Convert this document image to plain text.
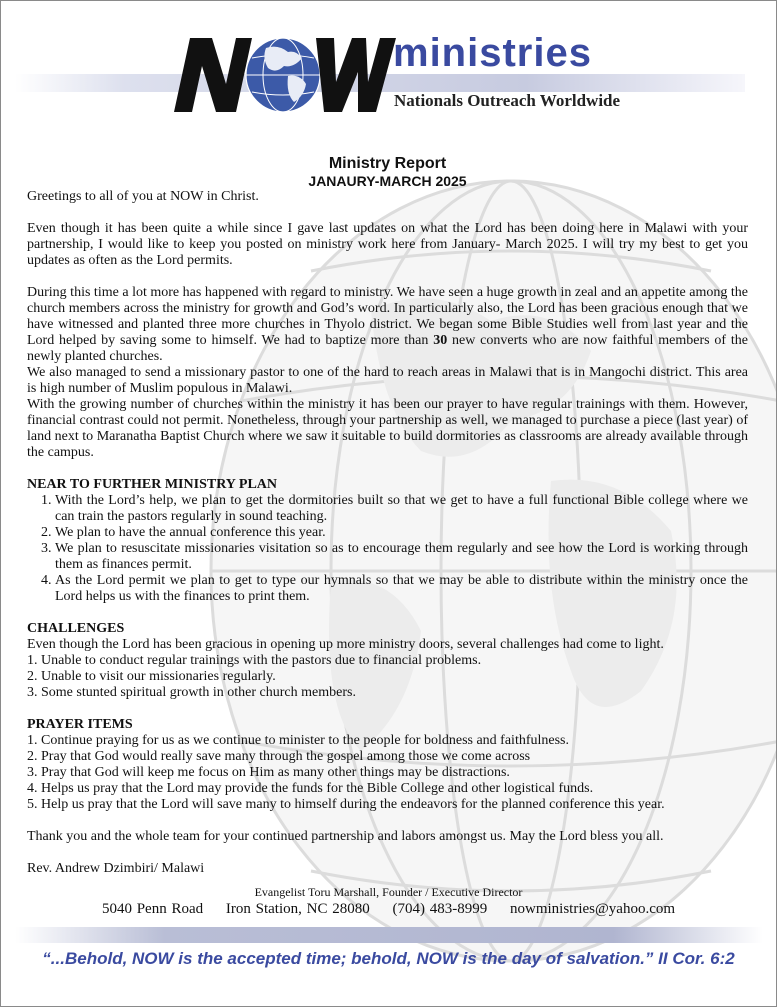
ministries
Nationals Outreach Worldwide
Ministry Report
JANAURY-MARCH 2025

Greetings to all of you at NOW in Christ.

Even though it has been quite a while since I gave last updates on what the Lord has been doing here in Malawi with your partnership, I would like to keep you posted on ministry work here from January- March 2025. I will try my best to get you updates as often as the Lord permits.

During this time a lot more has happened with regard to ministry. We have seen a huge growth in zeal and an appetite among the church members across the ministry for growth and God’s word. In particularly also, the Lord has been gracious enough that we have witnessed and planted three more churches in Thyolo district. We began some Bible Studies well from last year and the Lord helped by saving some to himself. We had to baptize more than 30 new converts who are now faithful members of the newly planted churches.

We also managed to send a missionary pastor to one of the hard to reach areas in Malawi that is in Mangochi district. This area is high number of Muslim populous in Malawi.

With the growing number of churches within the ministry it has been our prayer to have regular trainings with them. However, financial contrast could not permit. Nonetheless, through your partnership as well, we managed to purchase a piece (last year) of land next to Maranatha Baptist Church where we saw it suitable to build dormitories as classrooms are already available through the campus.

NEAR TO FURTHER MINISTRY PLAN
1. With the Lord’s help, we plan to get the dormitories built so that we get to have a full functional Bible college where we can train the pastors regularly in sound teaching.
2. We plan to have the annual conference this year.
3. We plan to resuscitate missionaries visitation so as to encourage them regularly and see how the Lord is working through them as finances permit.
4. As the Lord permit we plan to get to type our hymnals so that we may be able to distribute within the ministry once the Lord helps us with the finances to print them.
CHALLENGES
Even though the Lord has been gracious in opening up more ministry doors, several challenges had come to light.
1. Unable to conduct regular trainings with the pastors due to financial problems.
2. Unable to visit our missionaries regularly.
3. Some stunted spiritual growth in other church members.
PRAYER ITEMS
1. Continue praying for us as we continue to minister to the people for boldness and faithfulness.
2. Pray that God would really save many through the gospel among those we come across
3. Pray that God will keep me focus on Him as many other things may be distractions.
4. Helps us pray that the Lord may provide the funds for the Bible College and other logistical funds.
5. Help us pray that the Lord will save many to himself during the endeavors for the planned conference this year.

Thank you and the whole team for your continued partnership and labors amongst us. May the Lord bless you all.

Rev. Andrew Dzimbiri/ Malawi
Evangelist Toru Marshall, Founder / Executive Director
5040 Penn Road Iron Station, NC 28080 (704) 483-8999 nowministries@yahoo.com
“...Behold, NOW is the accepted time; behold, NOW is the day of salvation.” II Cor. 6:2
